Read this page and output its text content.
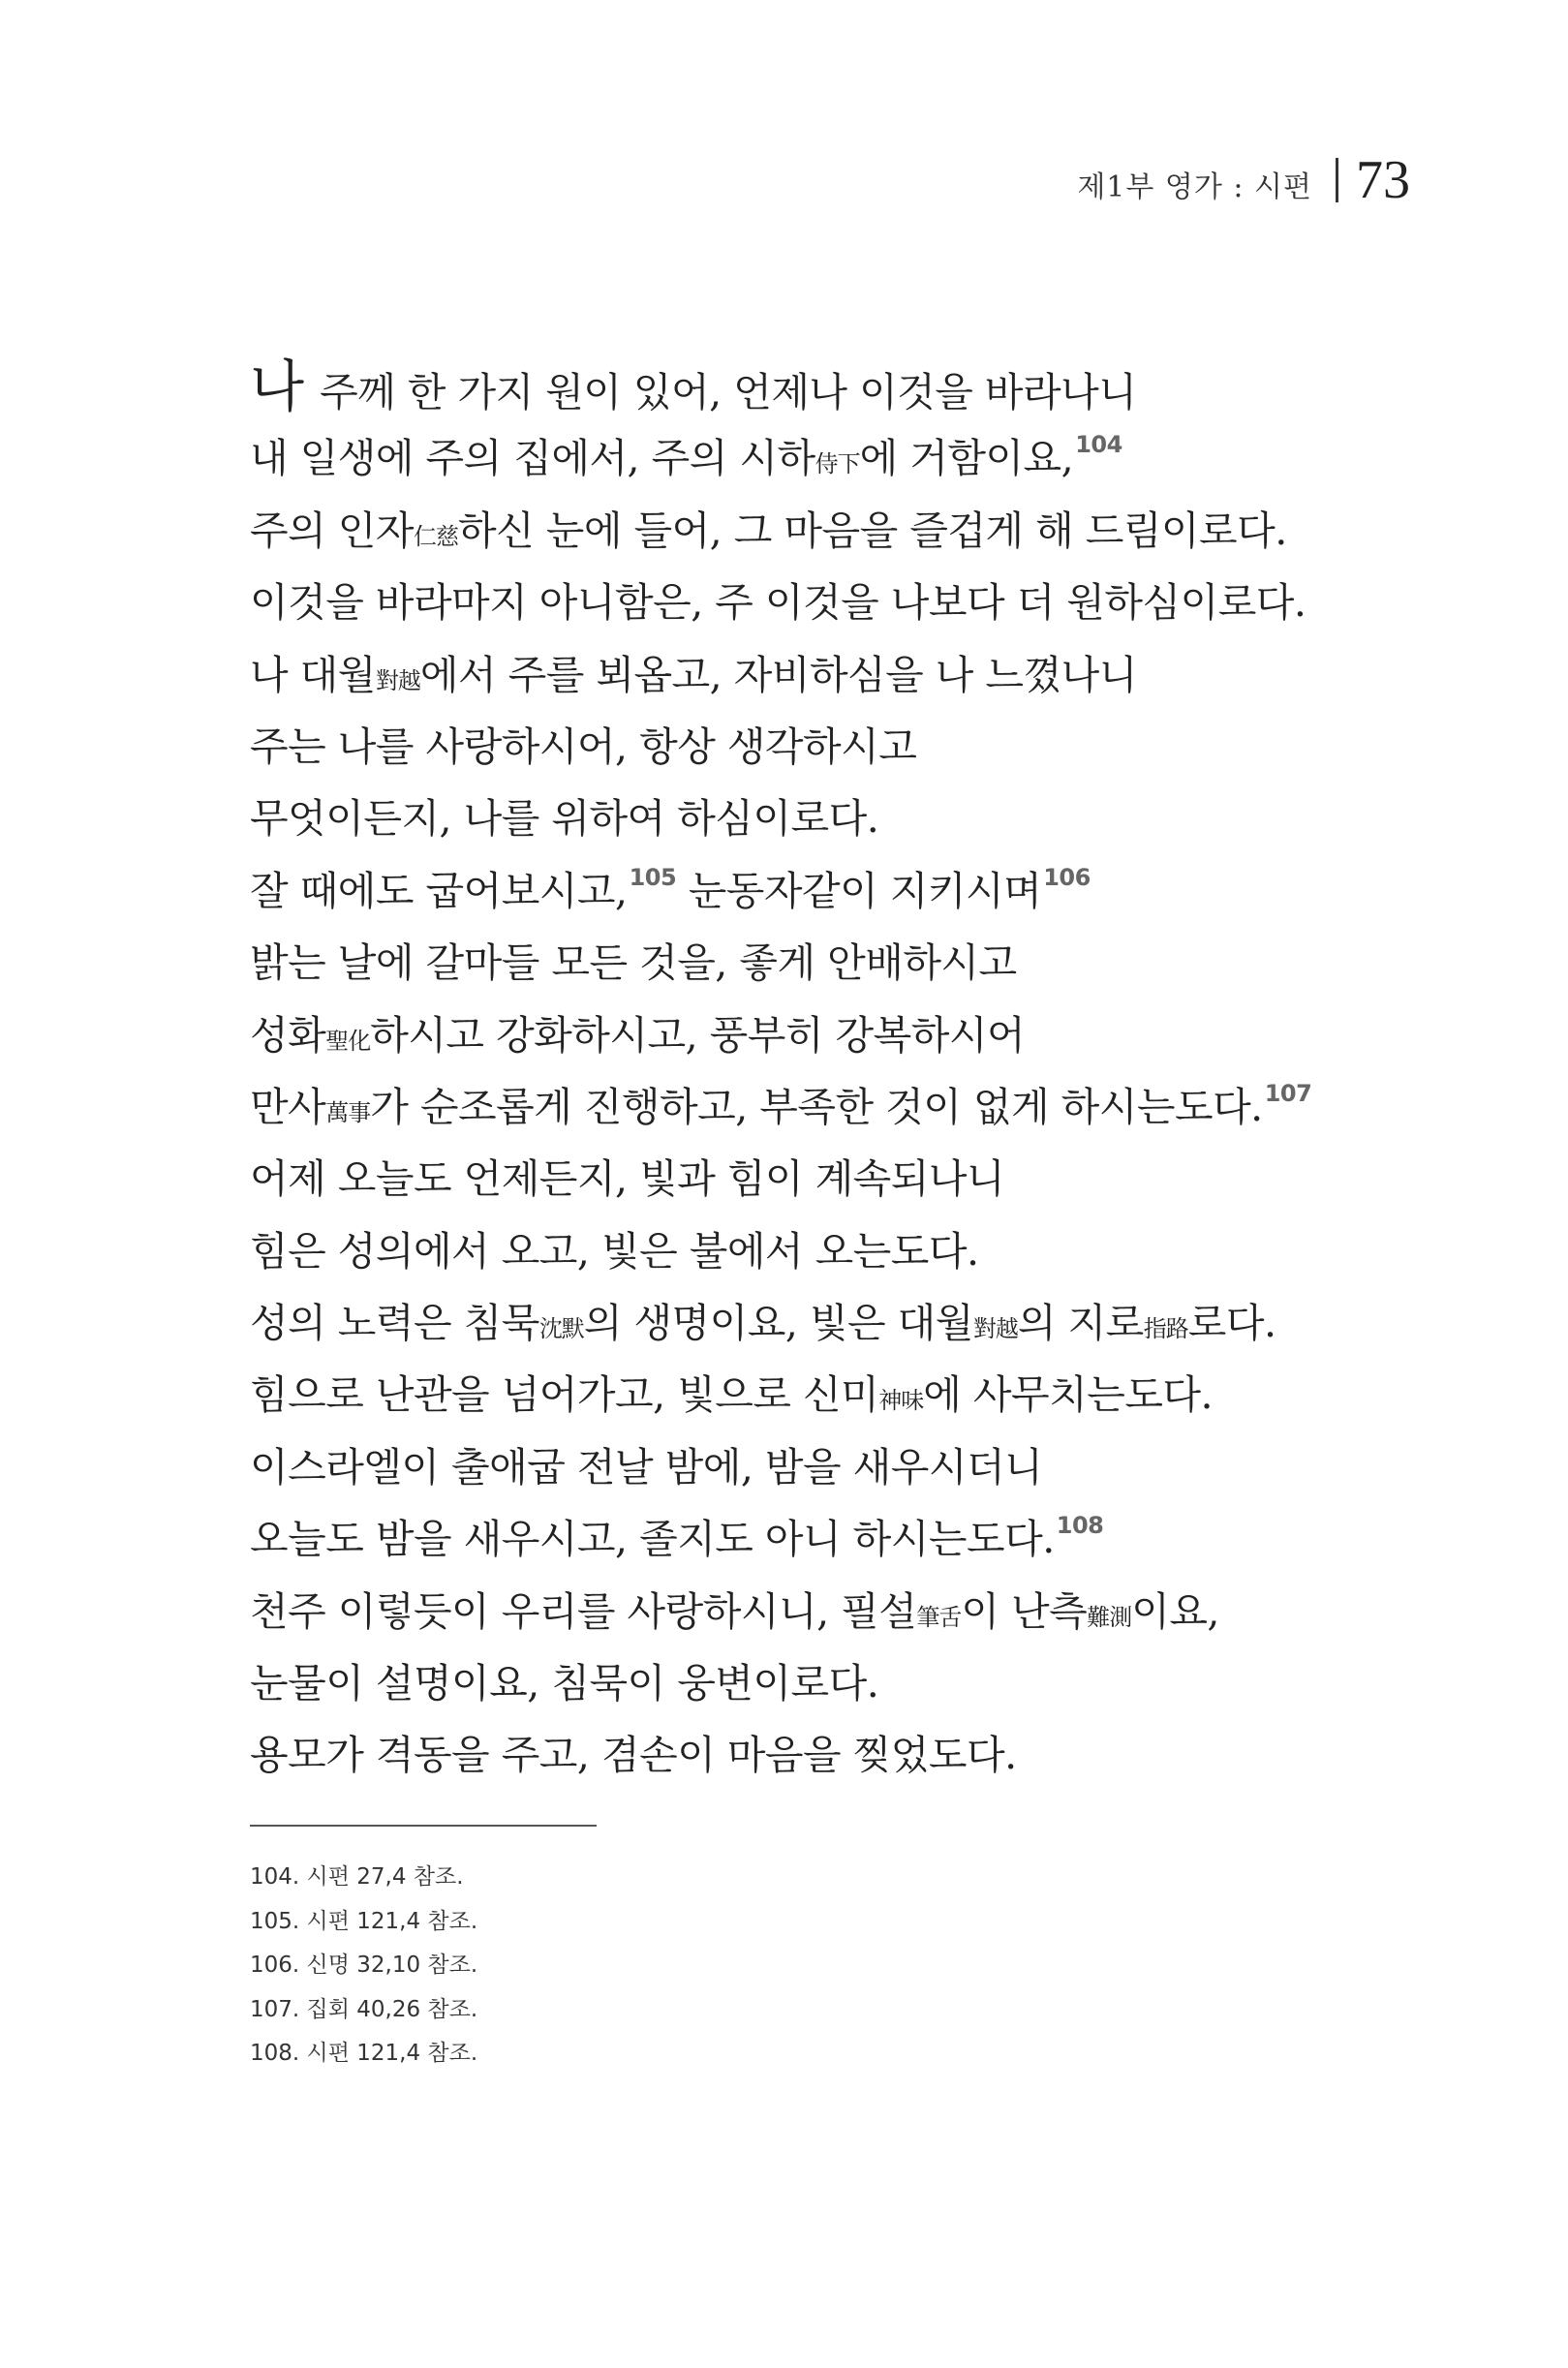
제1부 영가 : 시편 73
나 주께 한 가지 원이 있어, 언제나 이것을 바라나니
내 일생에 주의 집에서, 주의 시하侍下에 거함이요,$^{104}$
주의 인자仁慈하신 눈에 들어, 그 마음을 즐겁게 해 드림이로다.
이것을 바라마지 아니함은, 주 이것을 나보다 더 원하심이로다.
나 대월對越에서 주를 뵈옵고, 자비하심을 나 느꼈나니
주는 나를 사랑하시어, 항상 생각하시고
무엇이든지, 나를 위하여 하심이로다.
잘 때에도 굽어보시고,$^{105}$ 눈동자같이 지키시며$^{106}$
밝는 날에 갈마들 모든 것을, 좋게 안배하시고
성화聖化하시고 강화하시고, 풍부히 강복하시어
만사萬事가 순조롭게 진행하고, 부족한 것이 없게 하시는도다.$^{107}$
어제 오늘도 언제든지, 빛과 힘이 계속되나니
힘은 성의에서 오고, 빛은 불에서 오는도다.
성의 노력은 침묵沈默의 생명이요, 빛은 대월對越의 지로指路로다.
힘으로 난관을 넘어가고, 빛으로 신미神味에 사무치는도다.
이스라엘이 출애굽 전날 밤에, 밤을 새우시더니
오늘도 밤을 새우시고, 졸지도 아니 하시는도다.$^{108}$
천주 이렇듯이 우리를 사랑하시니, 필설筆舌이 난측難測이요,
눈물이 설명이요, 침묵이 웅변이로다.
용모가 격동을 주고, 겸손이 마음을 찢었도다.
104. 시편 27,4 참조.
105. 시편 121,4 참조.
106. 신명 32,10 참조.
107. 집회 40,26 참조.
108. 시편 121,4 참조.
